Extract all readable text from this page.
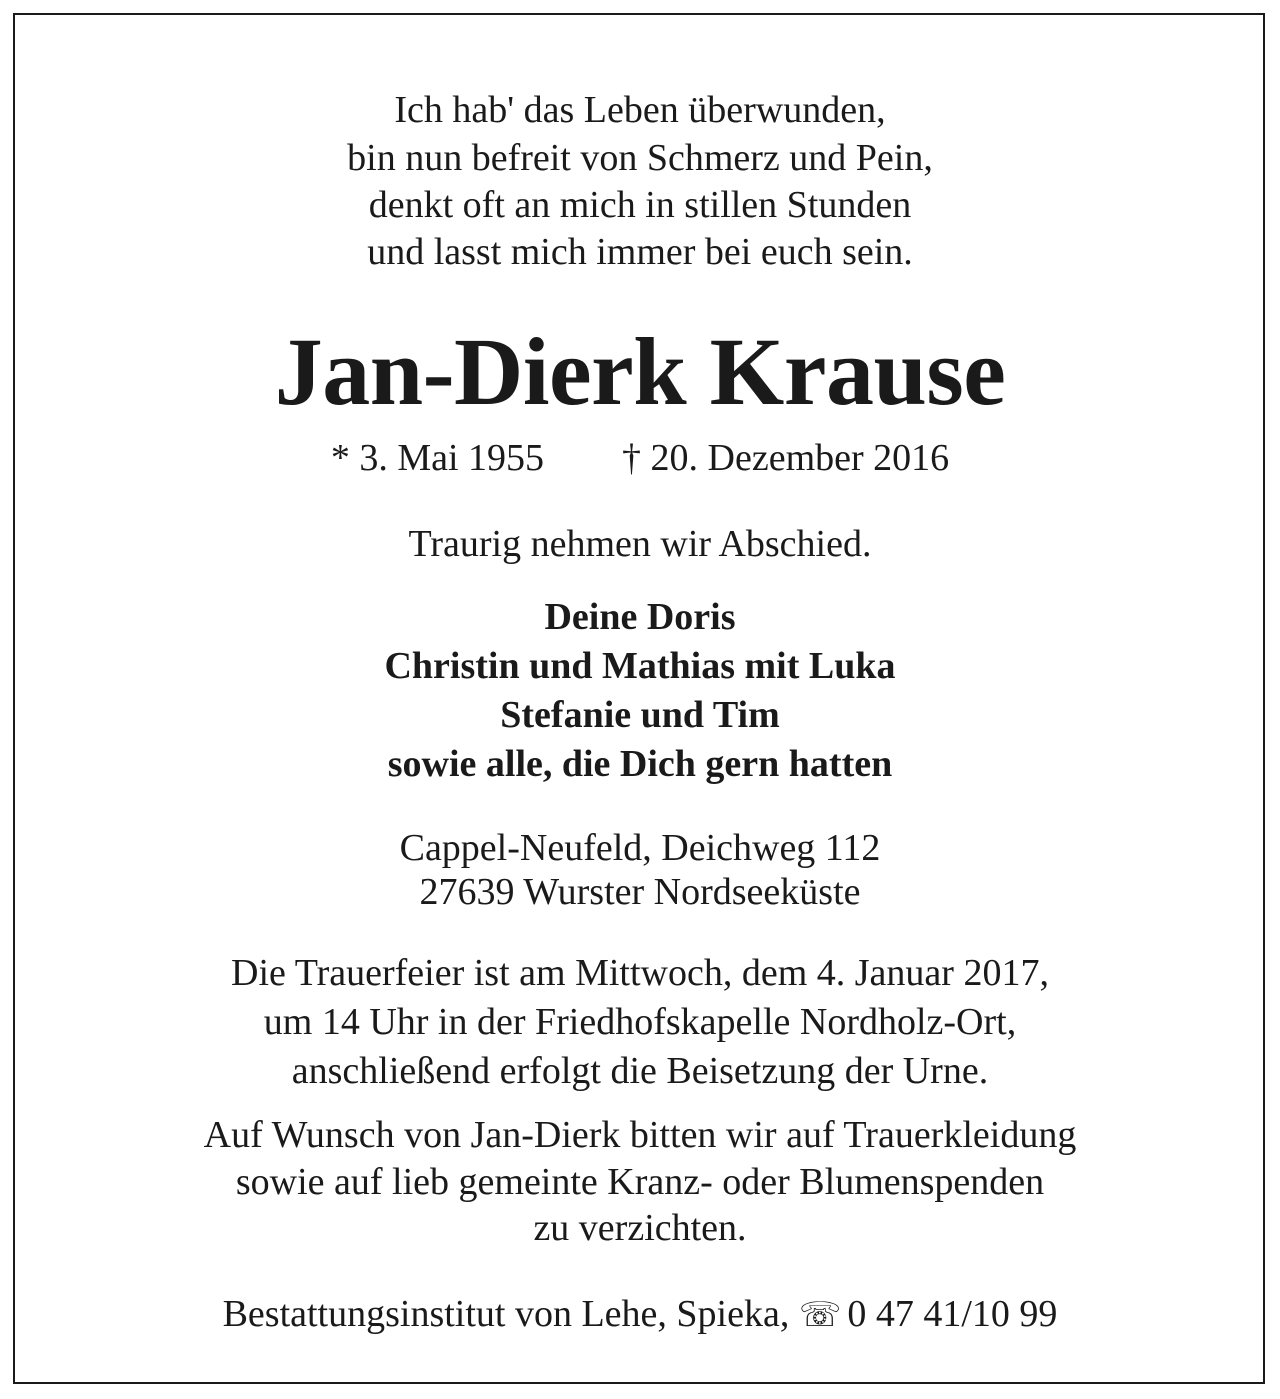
Ich hab' das Leben überwunden,

bin nun befreit von Schmerz und Pein,

denkt oft an mich in stillen Stunden

und lasst mich immer bei euch sein.

Jan-Dierk Krause

* 3. Mai 1955 † 20. Dezember 2016

Traurig nehmen wir Abschied.

Deine Doris

Christin und Mathias mit Luka

Stefanie und Tim

sowie alle, die Dich gern hatten

Cappel-Neufeld, Deichweg 112

27639 Wurster Nordseeküste

Die Trauerfeier ist am Mittwoch, dem 4. Januar 2017,

um 14 Uhr in der Friedhofskapelle Nordholz-Ort,

anschließend erfolgt die Beisetzung der Urne.

Auf Wunsch von Jan-Dierk bitten wir auf Trauerkleidung

sowie auf lieb gemeinte Kranz- oder Blumenspenden

zu verzichten.

Bestattungsinstitut von Lehe, Spieka, ☏ 0 47 41/10 99
